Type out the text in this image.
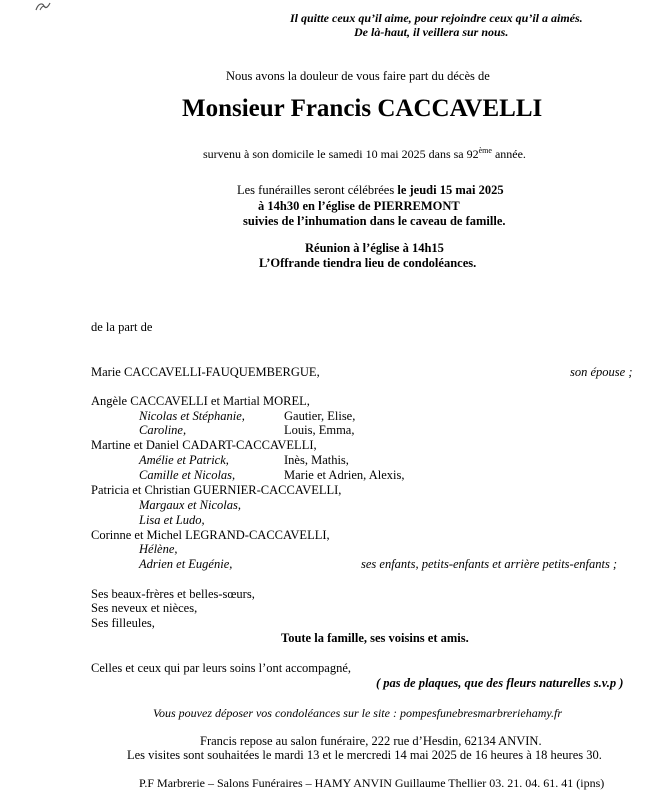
Il quitte ceux qu’il aime, pour rejoindre ceux qu’il a aimés.
De là-haut, il veillera sur nous.
Nous avons la douleur de vous faire part du décès de
Monsieur Francis CACCAVELLI
survenu à son domicile le samedi 10 mai 2025 dans sa 92ème année.
Les funérailles seront célébrées le jeudi 15 mai 2025
à 14h30 en l’église de PIERREMONT
suivies de l’inhumation dans le caveau de famille.
Réunion à l’église à 14h15
L’Offrande tiendra lieu de condoléances.
de la part de
Marie CACCAVELLI-FAUQUEMBERGUE,	son épouse ;
Angèle CACCAVELLI et Martial MOREL,
Nicolas et Stéphanie,	Gautier, Elise,
Caroline,	Louis, Emma,
Martine et Daniel CADART-CACCAVELLI,
Amélie et Patrick,	Inès, Mathis,
Camille et Nicolas,	Marie et Adrien, Alexis,
Patricia et Christian GUERNIER-CACCAVELLI,
Margaux et Nicolas,
Lisa et Ludo,
Corinne et Michel LEGRAND-CACCAVELLI,
Hélène,
Adrien et Eugénie,	ses enfants, petits-enfants et arrière petits-enfants ;
Ses beaux-frères et belles-sœurs,
Ses neveux et nièces,
Ses filleules,
Toute la famille, ses voisins et amis.
Celles et ceux qui par leurs soins l’ont accompagné,
( pas de plaques, que des fleurs naturelles s.v.p )
Vous pouvez déposer vos condoléances sur le site : pompesfunebresmarbreriehamy.fr
Francis repose au salon funéraire, 222 rue d’Hesdin, 62134 ANVIN.
Les visites sont souhaitées le mardi 13 et le mercredi 14 mai 2025 de 16 heures à 18 heures 30.
P.F Marbrerie – Salons Funéraires – HAMY ANVIN Guillaume Thellier 03. 21. 04. 61. 41 (ipns)
